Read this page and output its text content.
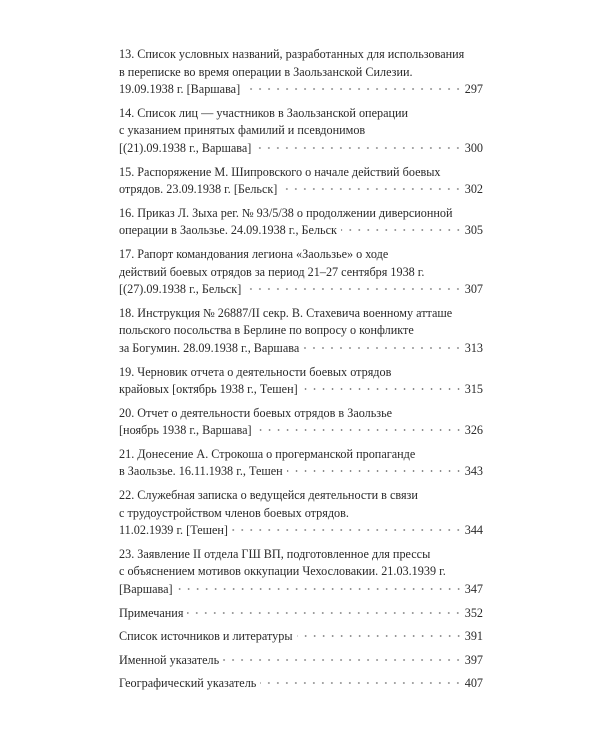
13. Список условных названий, разработанных для использования
в переписке во время операции в Заользанской Силезии.
19.09.1938 г. [Варшава]	297
14. Список лиц — участников в Заользанской операции
с указанием принятых фамилий и псевдонимов
[(21).09.1938 г., Варшава]	300
15. Распоряжение М. Шипровского о начале действий боевых
отрядов. 23.09.1938 г. [Бельск]	302
16. Приказ Л. Зыха рег. № 93/5/38 о продолжении диверсионной
операции в Заользье. 24.09.1938 г., Бельск	305
17. Рапорт командования легиона «Заользье» о ходе
действий боевых отрядов за период 21–27 сентября 1938 г.
[(27).09.1938 г., Бельск]	307
18. Инструкция № 26887/II секр. В. Стахевича военному атташе
польского посольства в Берлине по вопросу о конфликте
за Богумин. 28.09.1938 г., Варшава	313
19. Черновик отчета о деятельности боевых отрядов
крайовых [октябрь 1938 г., Тешен]	315
20. Отчет о деятельности боевых отрядов в Заользье
[ноябрь 1938 г., Варшава]	326
21. Донесение А. Строкоша о прогерманской пропаганде
в Заользье. 16.11.1938 г., Тешен	343
22. Служебная записка о ведущейся деятельности в связи
с трудоустройством членов боевых отрядов.
11.02.1939 г. [Тешен]	344
23. Заявление II отдела ГШ ВП, подготовленное для прессы
с объяснением мотивов оккупации Чехословакии. 21.03.1939 г.
[Варшава]	347
Примечания	352
Список источников и литературы	391
Именной указатель	397
Географический указатель	407
